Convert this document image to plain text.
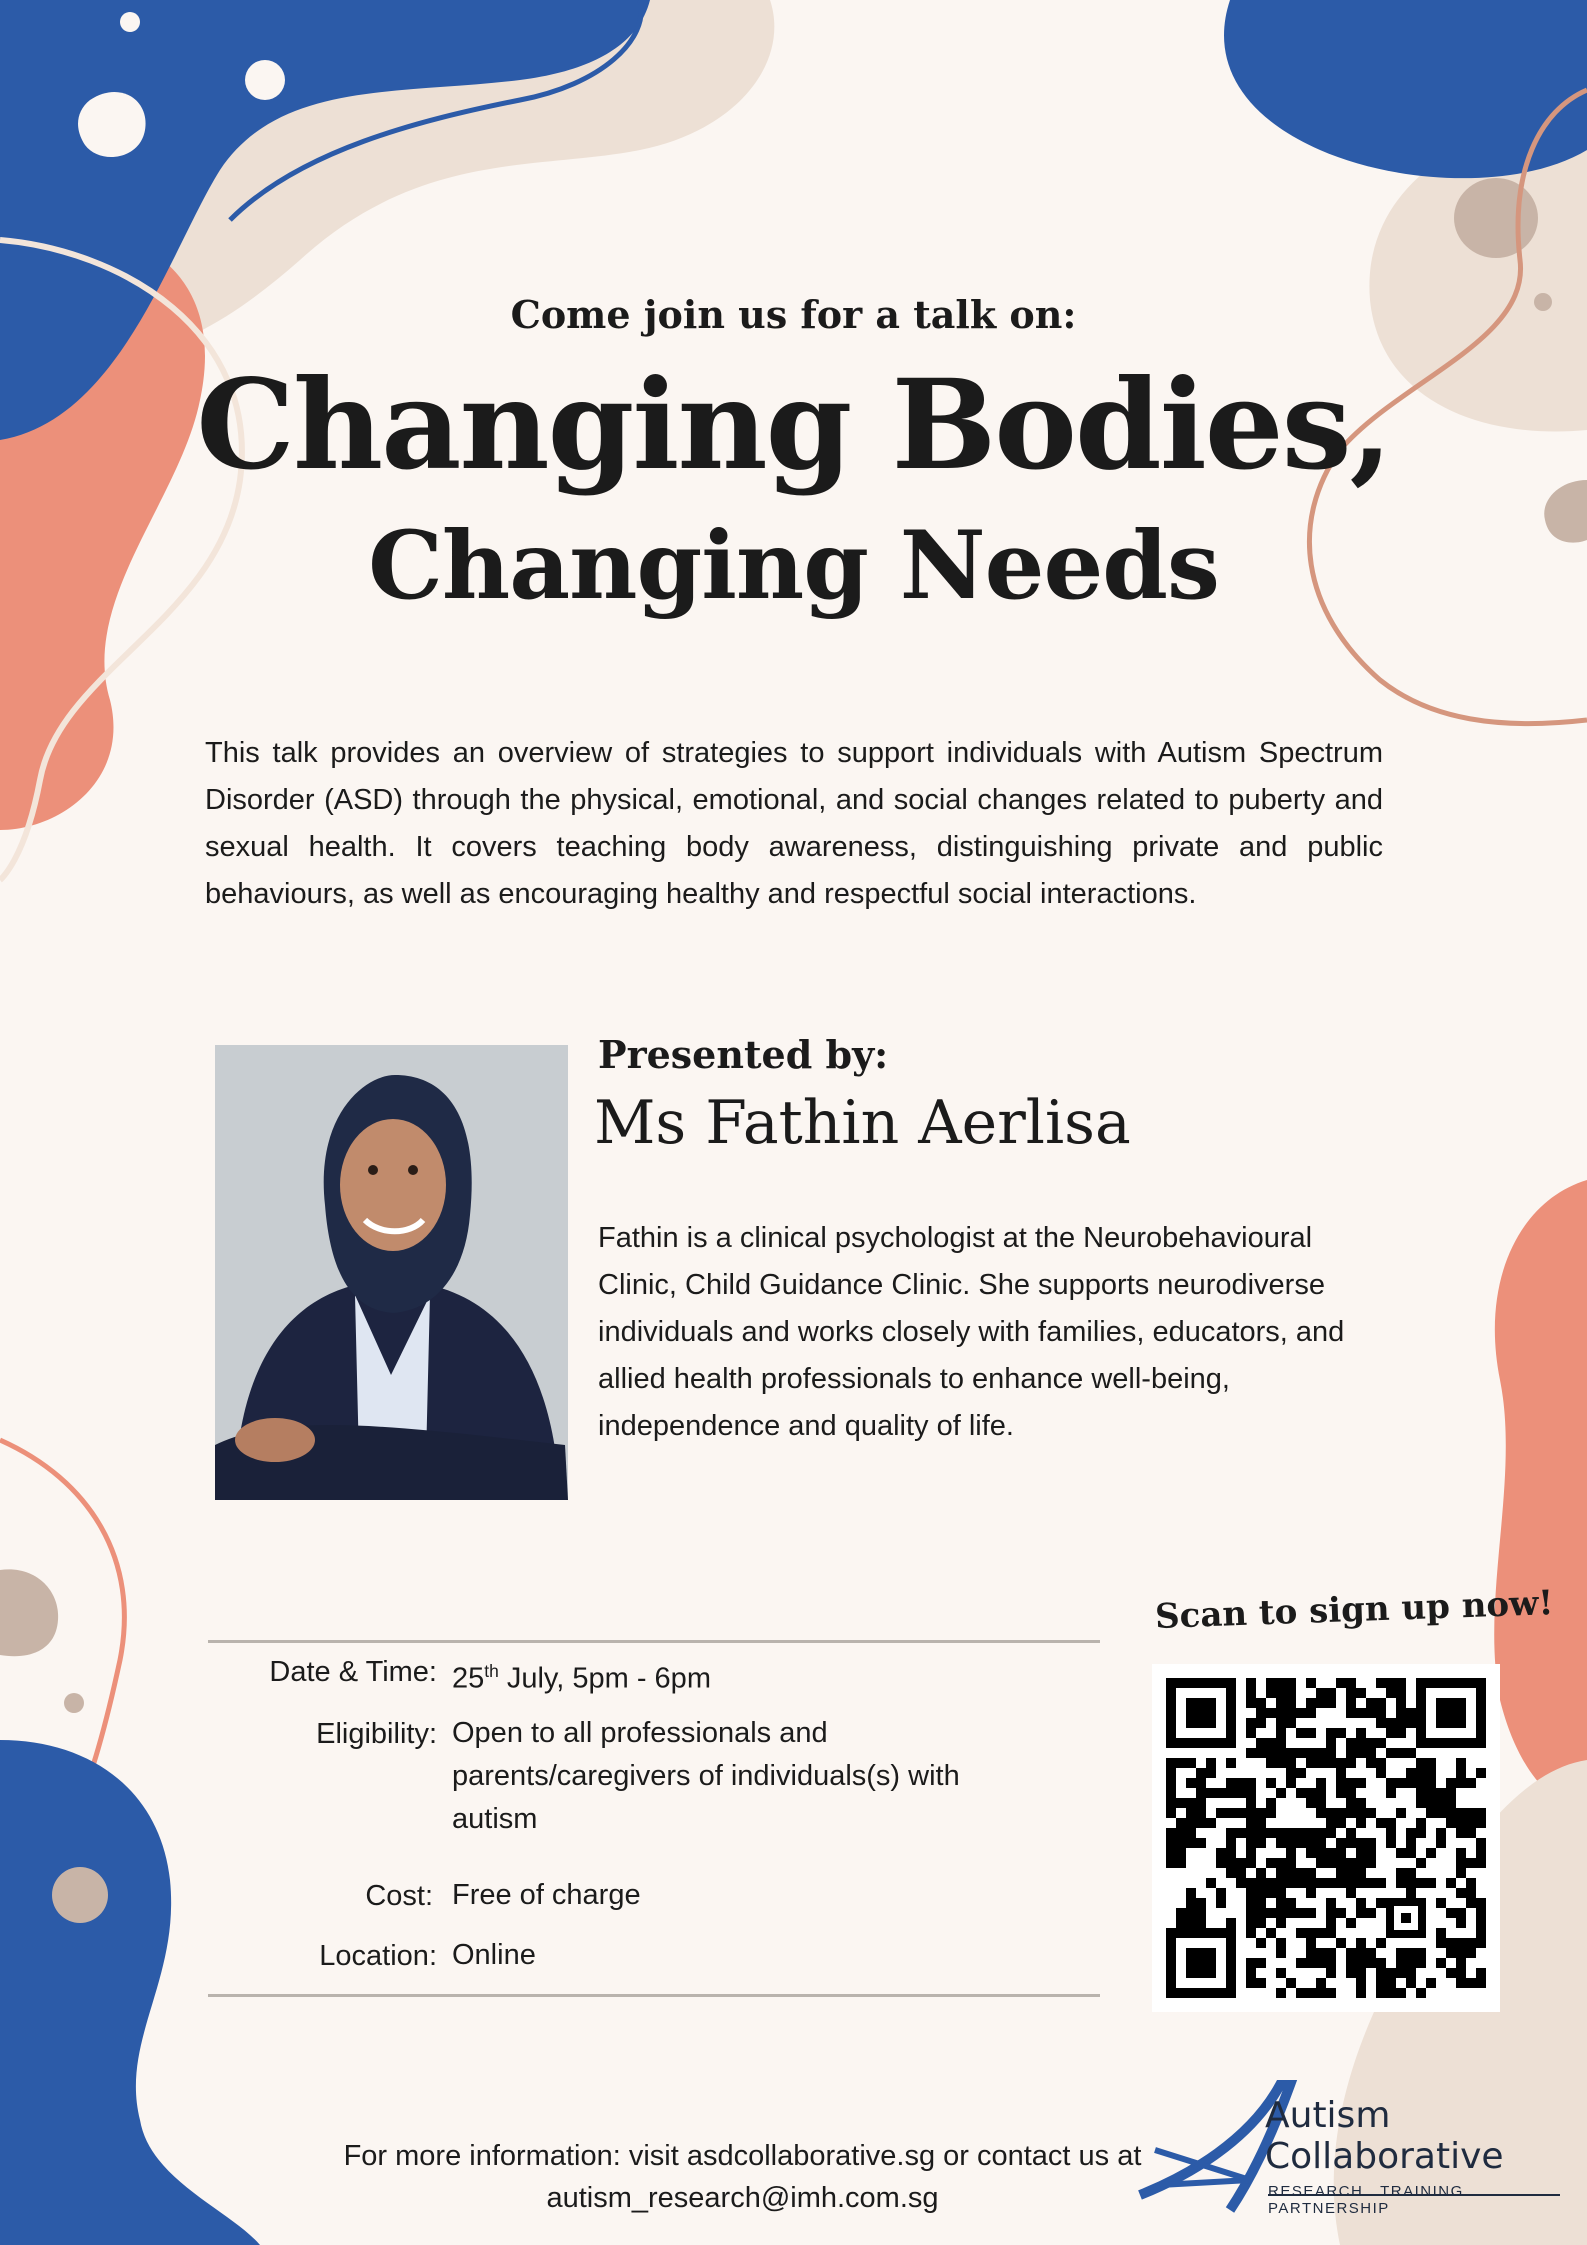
Come join us for a talk on:
Changing Bodies,
Changing Needs
This talk provides an overview of strategies to support individuals with Autism Spectrum Disorder (ASD) through the physical, emotional, and social changes related to puberty and sexual health. It covers teaching body awareness, distinguishing private and public behaviours, as well as encouraging healthy and respectful social interactions.
Presented by:
Ms Fathin Aerlisa
Fathin is a clinical psychologist at the Neurobehavioural Clinic, Child Guidance Clinic. She supports neurodiverse individuals and works closely with families, educators, and allied health professionals to enhance well-being, independence and quality of life.
Date & Time: 25th July, 5pm - 6pm
Eligibility: Open to all professionals and
parents/caregivers of individuals(s) with
autism
Cost: Free of charge
Location: Online
Scan to sign up now!
For more information: visit asdcollaborative.sg or contact us at
autism_research@imh.com.sg
Autism Collaborative
RESEARCH . TRAINING . PARTNERSHIP
